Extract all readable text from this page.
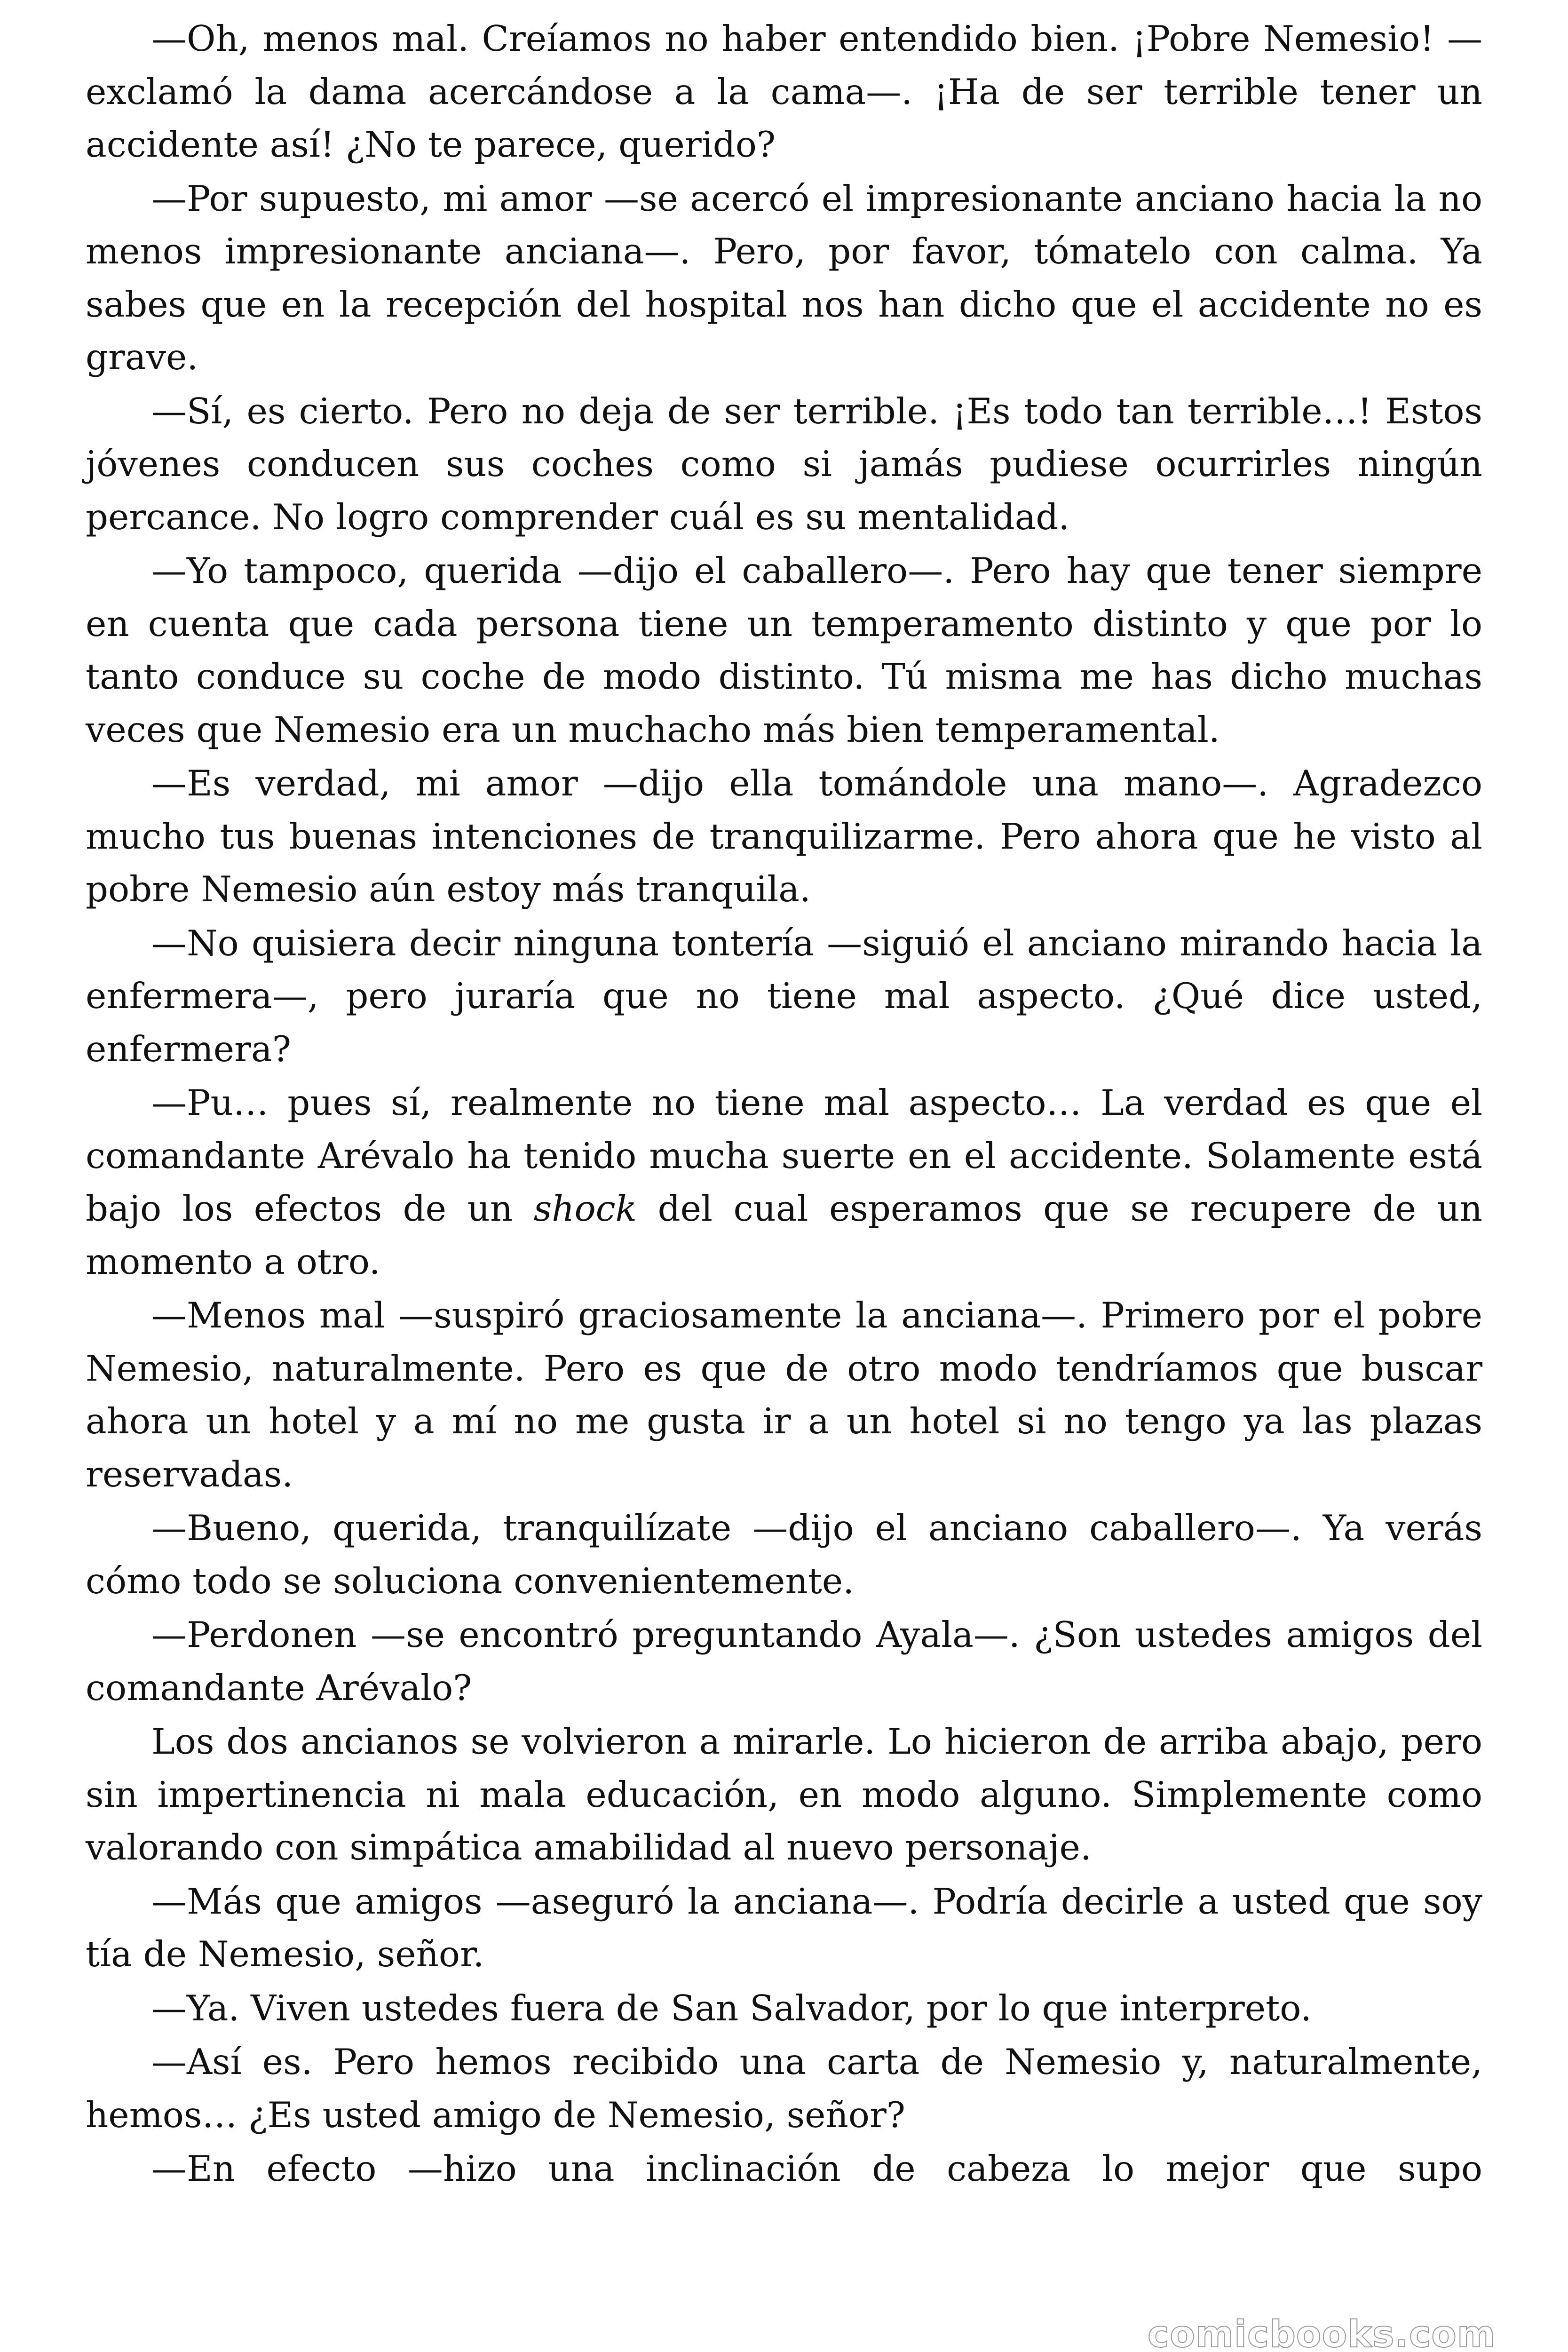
—Oh, menos mal. Creíamos no haber entendido bien. ¡Pobre Nemesio! —exclamó la dama acercándose a la cama—. ¡Ha de ser terrible tener un accidente así! ¿No te parece, querido?

—Por supuesto, mi amor —se acercó el impresionante anciano hacia la no menos impresionante anciana—. Pero, por favor, tómatelo con calma. Ya sabes que en la recepción del hospital nos han dicho que el accidente no es grave.

—Sí, es cierto. Pero no deja de ser terrible. ¡Es todo tan terrible…! Estos jóvenes conducen sus coches como si jamás pudiese ocurrirles ningún percance. No logro comprender cuál es su mentalidad.

—Yo tampoco, querida —dijo el caballero—. Pero hay que tener siempre en cuenta que cada persona tiene un temperamento distinto y que por lo tanto conduce su coche de modo distinto. Tú misma me has dicho muchas veces que Nemesio era un muchacho más bien temperamental.

—Es verdad, mi amor —dijo ella tomándole una mano—. Agradezco mucho tus buenas intenciones de tranquilizarme. Pero ahora que he visto al pobre Nemesio aún estoy más tranquila.

—No quisiera decir ninguna tontería —siguió el anciano mirando hacia la enfermera—, pero juraría que no tiene mal aspecto. ¿Qué dice usted, enfermera?

—Pu… pues sí, realmente no tiene mal aspecto… La verdad es que el comandante Arévalo ha tenido mucha suerte en el accidente. Solamente está bajo los efectos de un shock del cual esperamos que se recupere de un momento a otro.

—Menos mal —suspiró graciosamente la anciana—. Primero por el pobre Nemesio, naturalmente. Pero es que de otro modo tendríamos que buscar ahora un hotel y a mí no me gusta ir a un hotel si no tengo ya las plazas reservadas.

—Bueno, querida, tranquilízate —dijo el anciano caballero—. Ya verás cómo todo se soluciona convenientemente.

—Perdonen —se encontró preguntando Ayala—. ¿Son ustedes amigos del comandante Arévalo?

Los dos ancianos se volvieron a mirarle. Lo hicieron de arriba abajo, pero sin impertinencia ni mala educación, en modo alguno. Simplemente como valorando con simpática amabilidad al nuevo personaje.

—Más que amigos —aseguró la anciana—. Podría decirle a usted que soy tía de Nemesio, señor.

—Ya. Viven ustedes fuera de San Salvador, por lo que interpreto.

—Así es. Pero hemos recibido una carta de Nemesio y, naturalmente, hemos… ¿Es usted amigo de Nemesio, señor?

—En efecto —hizo una inclinación de cabeza lo mejor que supo

comicbooks.com
